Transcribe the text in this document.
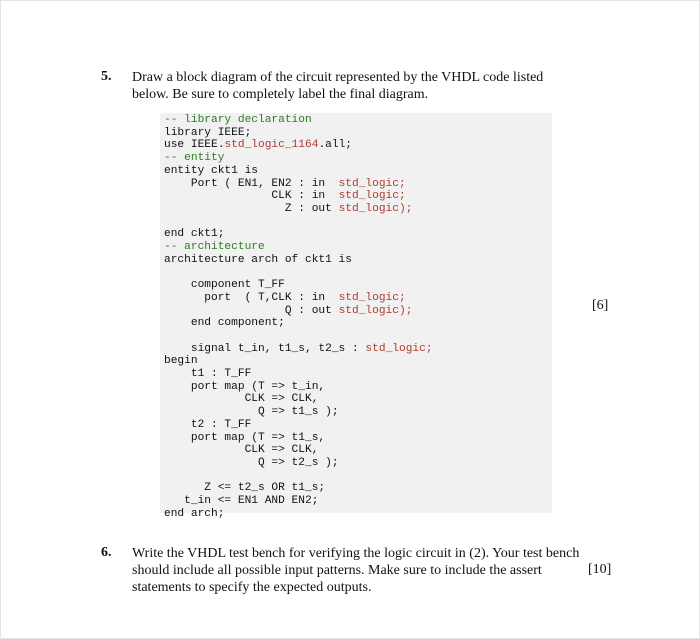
5. Draw a block diagram of the circuit represented by the VHDL code listed
below. Be sure to completely label the final diagram.
-- library declaration
library IEEE;
use IEEE.std_logic_1164.all;
-- entity
entity ckt1 is
Port ( EN1, EN2 : in  std_logic;
CLK : in  std_logic;
Z : out std_logic);

end ckt1;
-- architecture
architecture arch of ckt1 is

component T_FF
port  ( T,CLK : in  std_logic;
Q : out std_logic);
end component;

signal t_in, t1_s, t2_s : std_logic;
begin
t1 : T_FF
port map (T => t_in,
CLK => CLK,
Q => t1_s );
t2 : T_FF
port map (T => t1_s,
CLK => CLK,
Q => t2_s );

Z <= t2_s OR t1_s;
t_in <= EN1 AND EN2;
end arch;
[6]
6. Write the VHDL test bench for verifying the logic circuit in (2). Your test bench
should include all possible input patterns. Make sure to include the assert
statements to specify the expected outputs.
[10]
